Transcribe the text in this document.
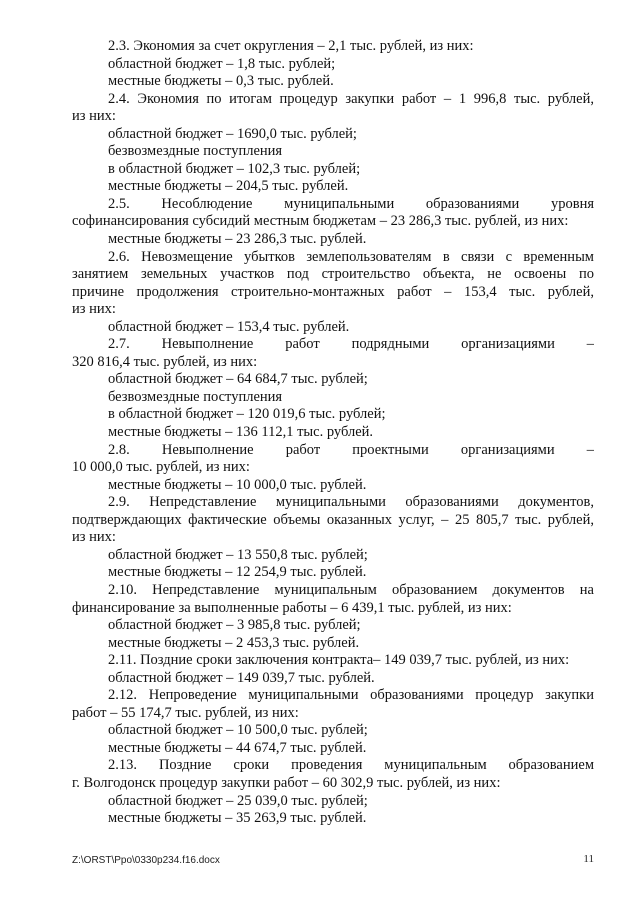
2.3. Экономия за счет округления – 2,1 тыс. рублей, из них:
областной бюджет – 1,8 тыс. рублей;
местные бюджеты – 0,3 тыс. рублей.
2.4. Экономия по итогам процедур закупки работ – 1 996,8 тыс. рублей,
из них:
областной бюджет – 1690,0 тыс. рублей;
безвозмездные поступления
в областной бюджет – 102,3 тыс. рублей;
местные бюджеты – 204,5 тыс. рублей.
2.5. Несоблюдение муниципальными образованиями уровня
софинансирования субсидий местным бюджетам – 23 286,3 тыс. рублей, из них:
местные бюджеты – 23 286,3 тыс. рублей.
2.6. Невозмещение убытков землепользователям в связи с временным
занятием земельных участков под строительство объекта, не освоены по
причине продолжения строительно-монтажных работ – 153,4 тыс. рублей,
из них:
областной бюджет – 153,4 тыс. рублей.
2.7. Невыполнение работ подрядными организациями –
320 816,4 тыс. рублей, из них:
областной бюджет – 64 684,7 тыс. рублей;
безвозмездные поступления
в областной бюджет – 120 019,6 тыс. рублей;
местные бюджеты – 136 112,1 тыс. рублей.
2.8. Невыполнение работ проектными организациями –
10 000,0 тыс. рублей, из них:
местные бюджеты – 10 000,0 тыс. рублей.
2.9. Непредставление муниципальными образованиями документов,
подтверждающих фактические объемы оказанных услуг, – 25 805,7 тыс. рублей,
из них:
областной бюджет – 13 550,8 тыс. рублей;
местные бюджеты – 12 254,9 тыс. рублей.
2.10. Непредставление муниципальным образованием документов на
финансирование за выполненные работы – 6 439,1 тыс. рублей, из них:
областной бюджет – 3 985,8 тыс. рублей;
местные бюджеты – 2 453,3 тыс. рублей.
2.11. Поздние сроки заключения контракта– 149 039,7 тыс. рублей, из них:
областной бюджет – 149 039,7 тыс. рублей.
2.12. Непроведение муниципальными образованиями процедур закупки
работ – 55 174,7 тыс. рублей, из них:
областной бюджет – 10 500,0 тыс. рублей;
местные бюджеты – 44 674,7 тыс. рублей.
2.13. Поздние сроки проведения муниципальным образованием
г. Волгодонск процедур закупки работ – 60 302,9 тыс. рублей, из них:
областной бюджет – 25 039,0 тыс. рублей;
местные бюджеты – 35 263,9 тыс. рублей.
Z:\ORST\Ppo\0330p234.f16.docx	11
